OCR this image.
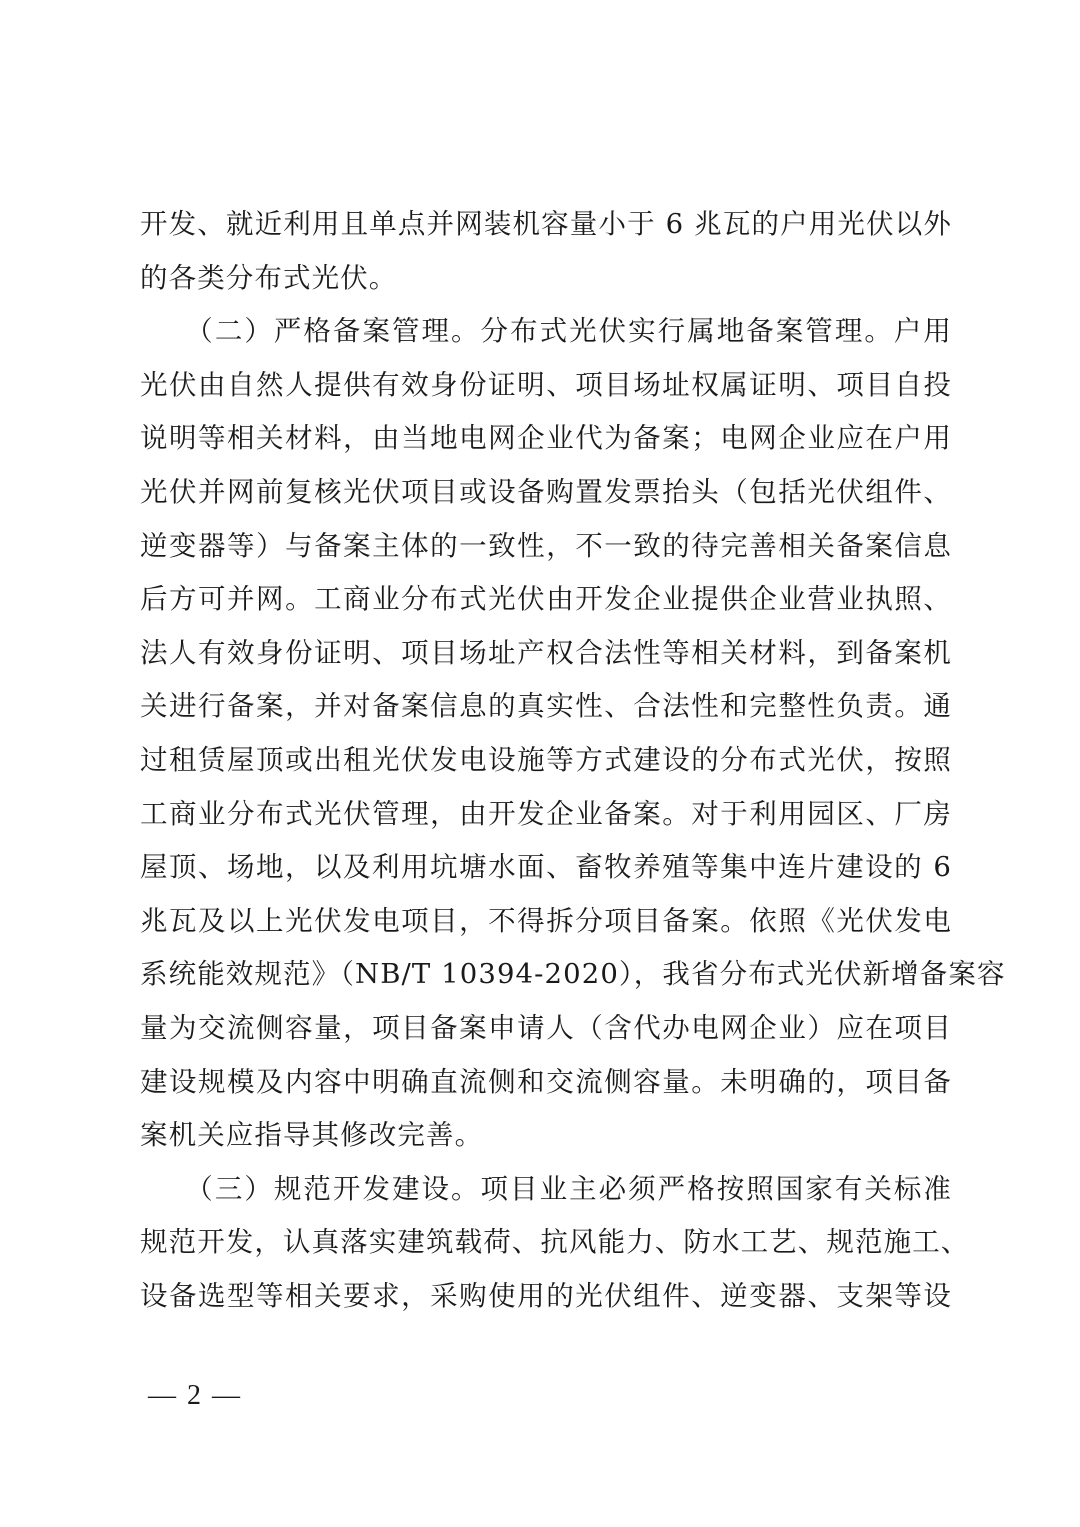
开发、就近利用且单点并网装机容量小于 6 兆瓦的户用光伏以外
的各类分布式光伏。
　　（二）严格备案管理。分布式光伏实行属地备案管理。户用
光伏由自然人提供有效身份证明、项目场址权属证明、项目自投
说明等相关材料，由当地电网企业代为备案；电网企业应在户用
光伏并网前复核光伏项目或设备购置发票抬头（包括光伏组件、
逆变器等）与备案主体的一致性，不一致的待完善相关备案信息
后方可并网。工商业分布式光伏由开发企业提供企业营业执照、
法人有效身份证明、项目场址产权合法性等相关材料，到备案机
关进行备案，并对备案信息的真实性、合法性和完整性负责。通
过租赁屋顶或出租光伏发电设施等方式建设的分布式光伏，按照
工商业分布式光伏管理，由开发企业备案。对于利用园区、厂房
屋顶、场地，以及利用坑塘水面、畜牧养殖等集中连片建设的 6
兆瓦及以上光伏发电项目，不得拆分项目备案。依照《光伏发电
系统能效规范》（NB/T 10394-2020），我省分布式光伏新增备案容
量为交流侧容量，项目备案申请人（含代办电网企业）应在项目
建设规模及内容中明确直流侧和交流侧容量。未明确的，项目备
案机关应指导其修改完善。
　　（三）规范开发建设。项目业主必须严格按照国家有关标准
规范开发，认真落实建筑载荷、抗风能力、防水工艺、规范施工、
设备选型等相关要求，采购使用的光伏组件、逆变器、支架等设
— 2 —
